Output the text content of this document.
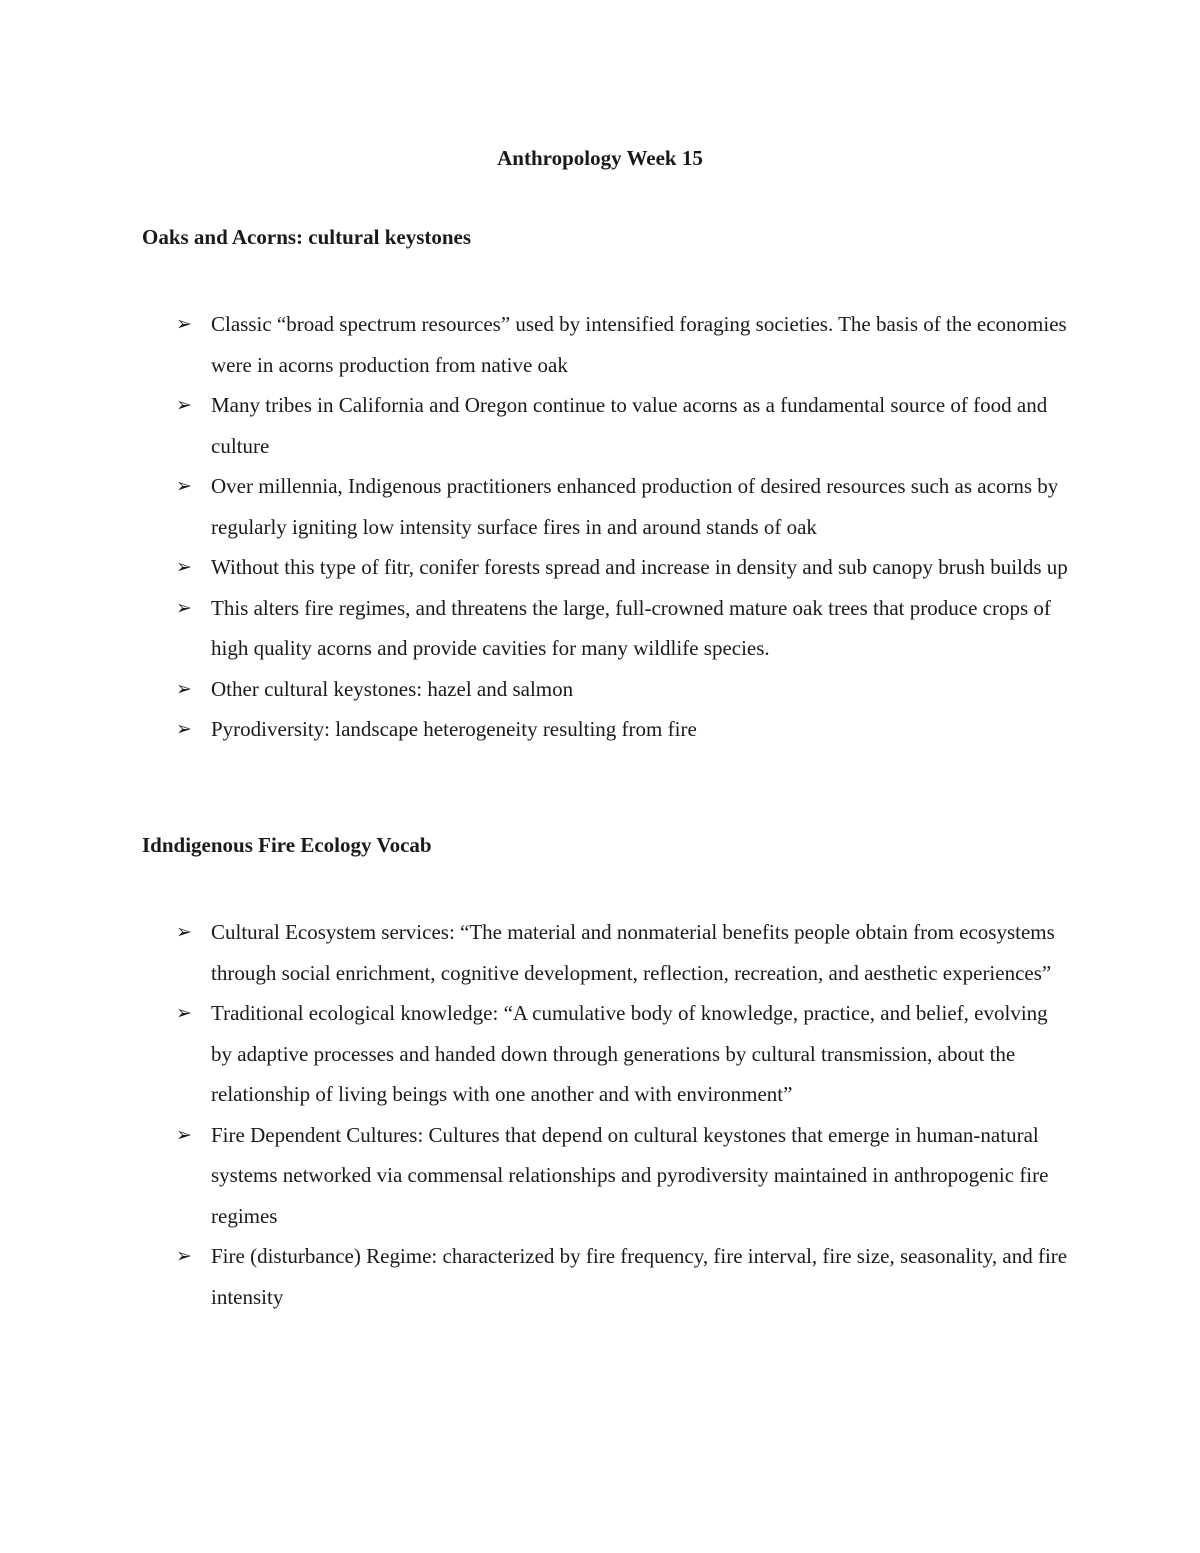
Anthropology Week 15
Oaks and Acorns: cultural keystones
➢ Classic “broad spectrum resources” used by intensified foraging societies. The basis of the economies were in acorns production from native oak
➢ Many tribes in California and Oregon continue to value acorns as a fundamental source of food and culture
➢ Over millennia, Indigenous practitioners enhanced production of desired resources such as acorns by regularly igniting low intensity surface fires in and around stands of oak
➢ Without this type of fitr, conifer forests spread and increase in density and sub canopy brush builds up
➢ This alters fire regimes, and threatens the large, full-crowned mature oak trees that produce crops of high quality acorns and provide cavities for many wildlife species.
➢ Other cultural keystones: hazel and salmon
➢ Pyrodiversity: landscape heterogeneity resulting from fire
Idndigenous Fire Ecology Vocab
➢ Cultural Ecosystem services: “The material and nonmaterial benefits people obtain from ecosystems through social enrichment, cognitive development, reflection, recreation, and aesthetic experiences”
➢ Traditional ecological knowledge: “A cumulative body of knowledge, practice, and belief, evolving by adaptive processes and handed down through generations by cultural transmission, about the relationship of living beings with one another and with environment”
➢ Fire Dependent Cultures: Cultures that depend on cultural keystones that emerge in human-natural systems networked via commensal relationships and pyrodiversity maintained in anthropogenic fire regimes
➢ Fire (disturbance) Regime: characterized by fire frequency, fire interval, fire size, seasonality, and fire intensity
